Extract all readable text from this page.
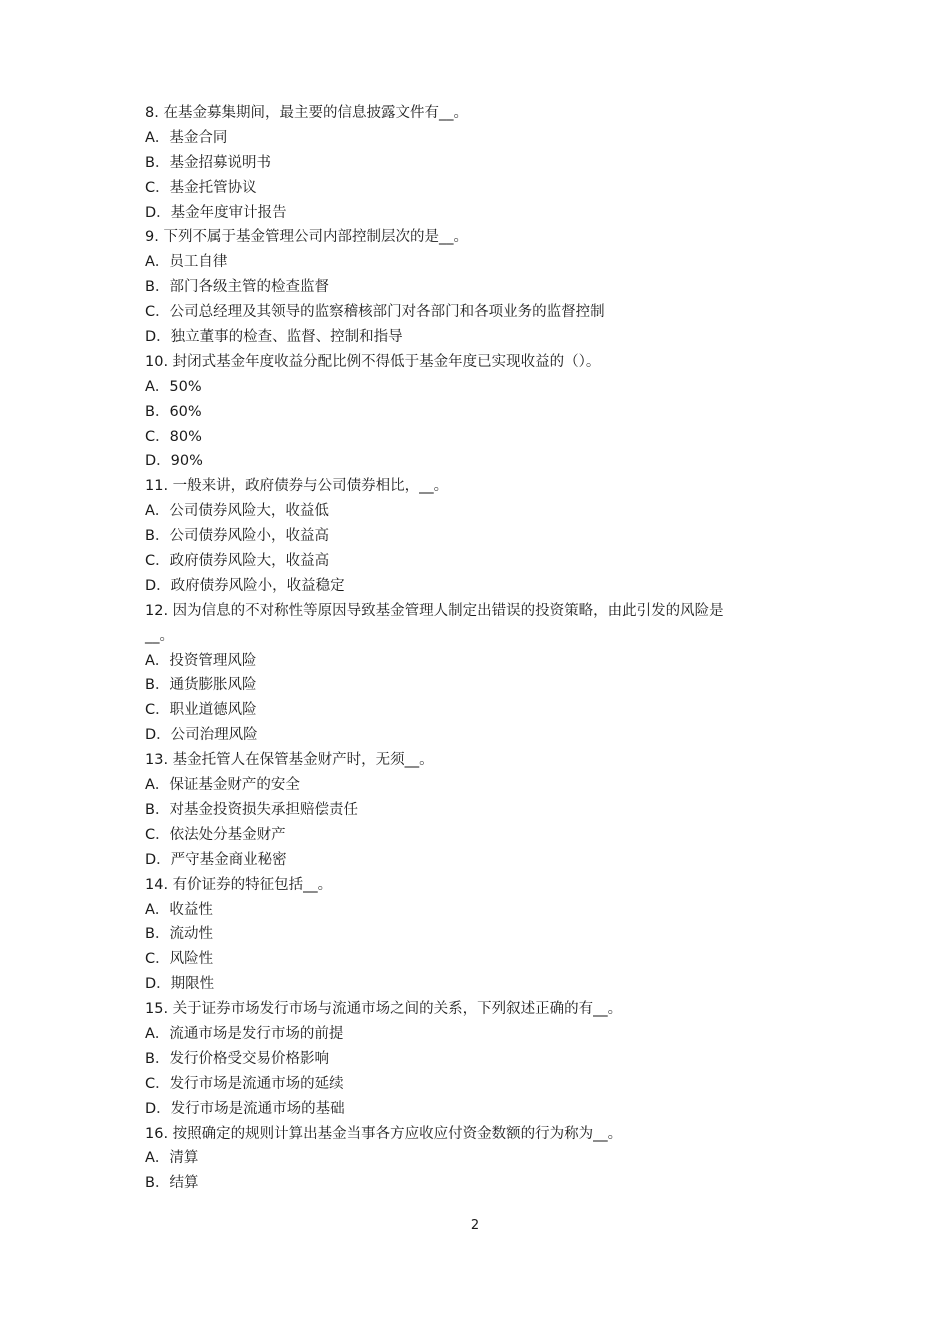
8. 在基金募集期间，最主要的信息披露文件有__。
A．基金合同
B．基金招募说明书
C．基金托管协议
D．基金年度审计报告
9. 下列不属于基金管理公司内部控制层次的是__。
A．员工自律
B．部门各级主管的检查监督
C．公司总经理及其领导的监察稽核部门对各部门和各项业务的监督控制
D．独立董事的检查、监督、控制和指导
10. 封闭式基金年度收益分配比例不得低于基金年度已实现收益的（）。
A．50%
B．60%
C．80%
D．90%
11. 一般来讲，政府债券与公司债券相比，__。
A．公司债券风险大，收益低
B．公司债券风险小，收益高
C．政府债券风险大，收益高
D．政府债券风险小，收益稳定
12. 因为信息的不对称性等原因导致基金管理人制定出错误的投资策略，由此引发的风险是
__。
A．投资管理风险
B．通货膨胀风险
C．职业道德风险
D．公司治理风险
13. 基金托管人在保管基金财产时，无须__。
A．保证基金财产的安全
B．对基金投资损失承担赔偿责任
C．依法处分基金财产
D．严守基金商业秘密
14. 有价证券的特征包括__。
A．收益性
B．流动性
C．风险性
D．期限性
15. 关于证券市场发行市场与流通市场之间的关系，下列叙述正确的有__。
A．流通市场是发行市场的前提
B．发行价格受交易价格影响
C．发行市场是流通市场的延续
D．发行市场是流通市场的基础
16. 按照确定的规则计算出基金当事各方应收应付资金数额的行为称为__。
A．清算
B．结算
2
